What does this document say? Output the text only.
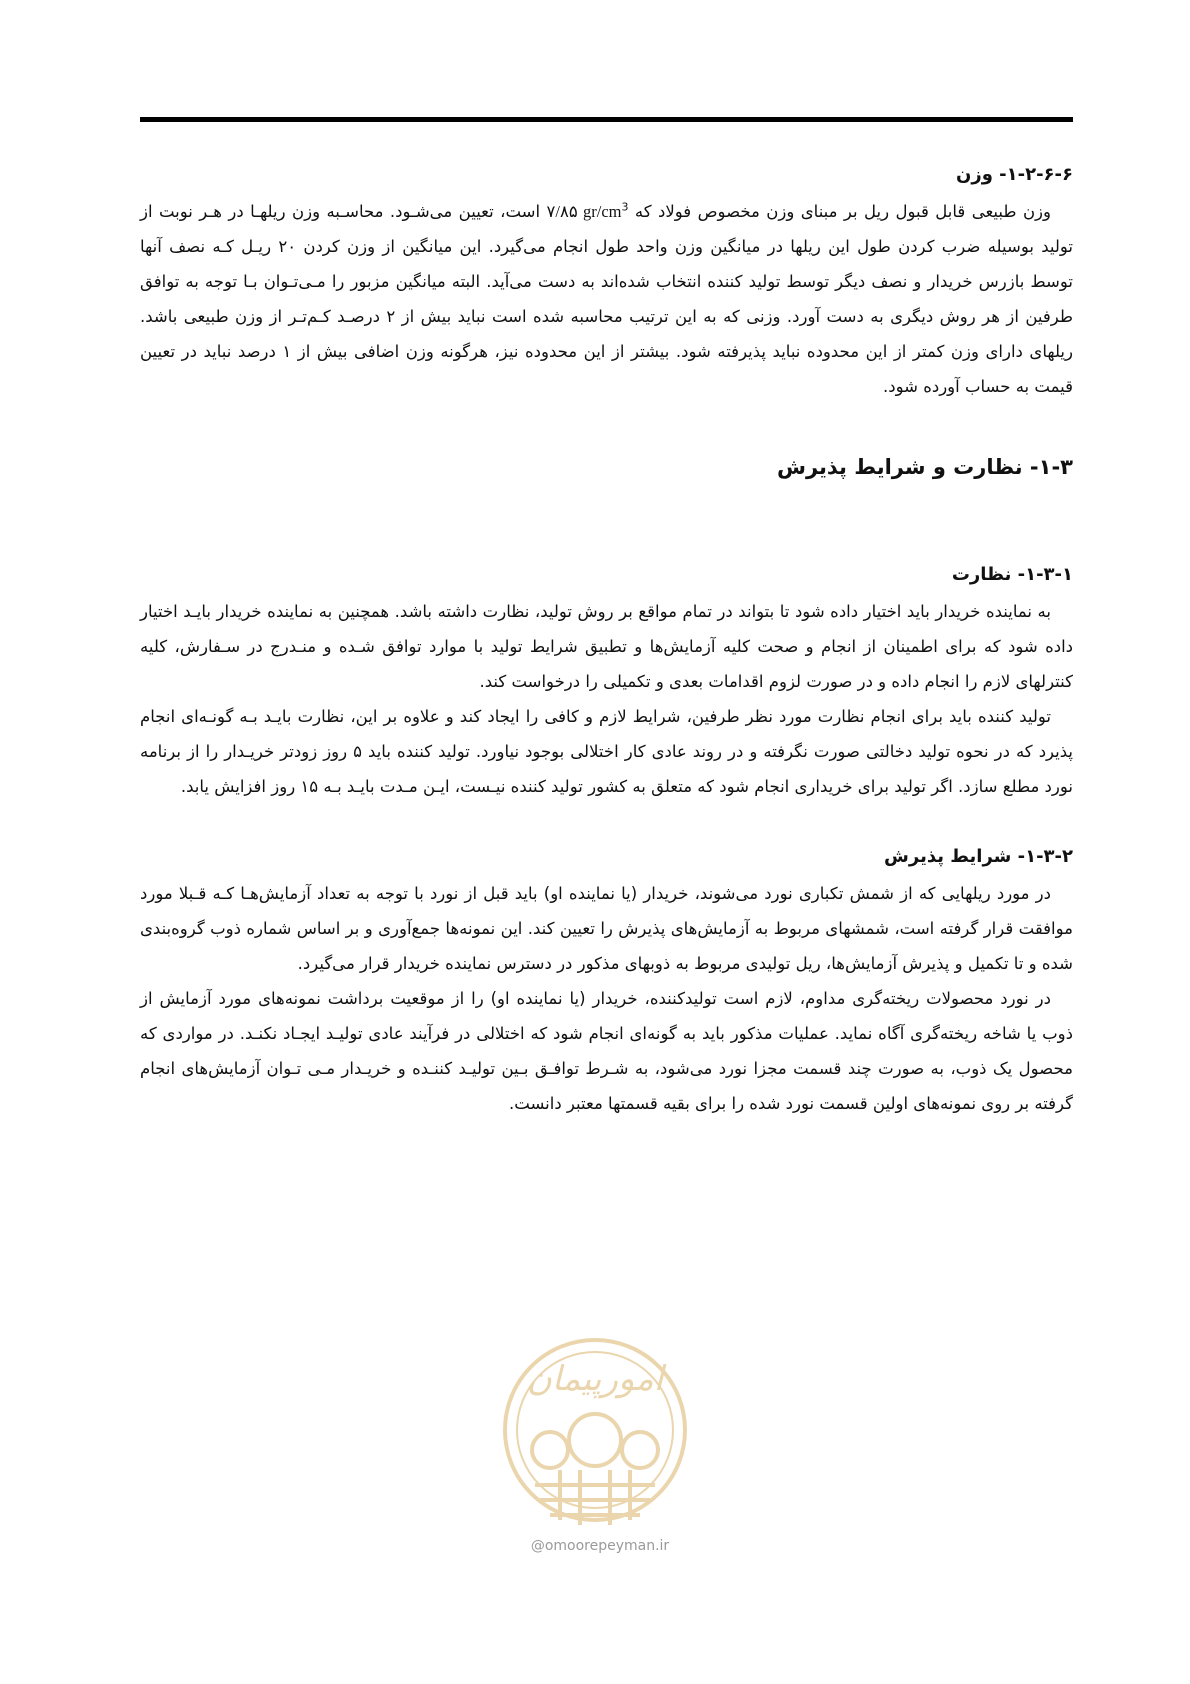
۱-۲-۶-۶- وزن

وزن طبیعی قابل قبول ریل بر مبنای وزن مخصوص فولاد که ۷/۸۵ $gr/cm^3$ است، تعیین می‌شـود. محاسـبه وزن ریلهـا در هـر نوبت از تولید بوسیله ضرب کردن طول این ریلها در میانگین وزن واحد طول انجام می‌گیرد. این میانگین از وزن کردن ۲۰ ریـل کـه نصف آنها توسط بازرس خریدار و نصف دیگر توسط تولید کننده انتخاب شده‌اند به دست می‌آید. البته میانگین مزبور را مـی‌تـوان بـا توجه به توافق طرفین از هر روش دیگری به دست آورد. وزنی که به این ترتیب محاسبه شده است نباید بیش از ۲ درصـد کـم‌تـر از وزن طبیعی باشد. ریلهای دارای وزن کمتر از این محدوده نباید پذیرفته شود. بیشتر از این محدوده نیز، هرگونه وزن اضافی بیش از ۱ درصد نباید در تعیین قیمت به حساب آورده شود.

۱-۳- نظارت و شرایط پذیرش
۱-۳-۱- نظارت

به نماینده خریدار باید اختیار داده شود تا بتواند در تمام مواقع بر روش تولید، نظارت داشته باشد. همچنین به نماینده خریدار بایـد اختیار داده شود که برای اطمینان از انجام و صحت کلیه آزمایش‌ها و تطبیق شرایط تولید با موارد توافق شـده و منـدرج در سـفارش، کلیه کنترلهای لازم را انجام داده و در صورت لزوم اقدامات بعدی و تکمیلی را درخواست کند.

تولید کننده باید برای انجام نظارت مورد نظر طرفین، شرایط لازم و کافی را ایجاد کند و علاوه بر این، نظارت بایـد بـه گونـه‌ای انجام پذیرد که در نحوه تولید دخالتی صورت نگرفته و در روند عادی کار اختلالی بوجود نیاورد. تولید کننده باید ۵ روز زودتر خریـدار را از برنامه نورد مطلع سازد. اگر تولید برای خریداری انجام شود که متعلق به کشور تولید کننده نیـست، ایـن مـدت بایـد بـه ۱۵ روز افزایش یابد.

۱-۳-۲- شرایط پذیرش

در مورد ریلهایی که از شمش تکباری نورد می‌شوند، خریدار (یا نماینده او) باید قبل از نورد با توجه به تعداد آزمایش‌هـا کـه قـبلا مورد موافقت قرار گرفته است، شمشهای مربوط به آزمایش‌های پذیرش را تعیین کند. این نمونه‌ها جمع‌آوری و بر اساس شماره ذوب گروه‌بندی شده و تا تکمیل و پذیرش آزمایش‌ها، ریل تولیدی مربوط به ذوبهای مذکور در دسترس نماینده خریدار قرار می‌گیرد.

در نورد محصولات ریخته‌گری مداوم، لازم است تولیدکننده، خریدار (یا نماینده او) را از موقعیت برداشت نمونه‌های مورد آزمایش از ذوب یا شاخه ریخته‌گری آگاه نماید. عملیات مذکور باید به گونه‌ای انجام شود که اختلالی در فرآیند عادی تولیـد ایجـاد نکنـد. در مواردی که محصول یک ذوب، به صورت چند قسمت مجزا نورد می‌شود، به شـرط توافـق بـین تولیـد کننـده و خریـدار مـی تـوان آزمایش‌های انجام گرفته بر روی نمونه‌های اولین قسمت نورد شده را برای بقیه قسمتها معتبر دانست.

امورپیمان
@omoorepeyman.ir
